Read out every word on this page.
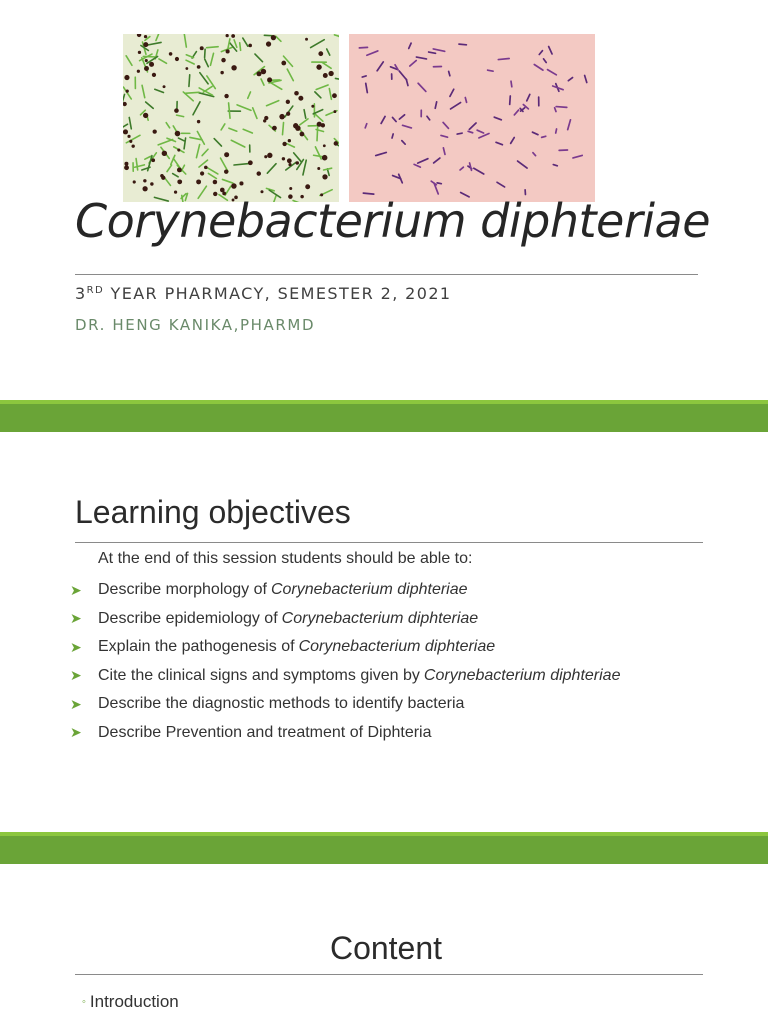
Corynebacterium diphteriae
3RD YEAR PHARMACY, SEMESTER 2, 2021
DR. HENG KANIKA,PHARMD
Learning objectives
At the end of this session students should be able to:
➤	Describe morphology of Corynebacterium diphteriae
➤	Describe epidemiology of Corynebacterium diphteriae
➤	Explain the pathogenesis of Corynebacterium diphteriae
➤	Cite the clinical signs and symptoms given by Corynebacterium diphteriae
➤	Describe the diagnostic methods to identify bacteria
➤	Describe Prevention and treatment of Diphteria
Content
◦ Introduction
